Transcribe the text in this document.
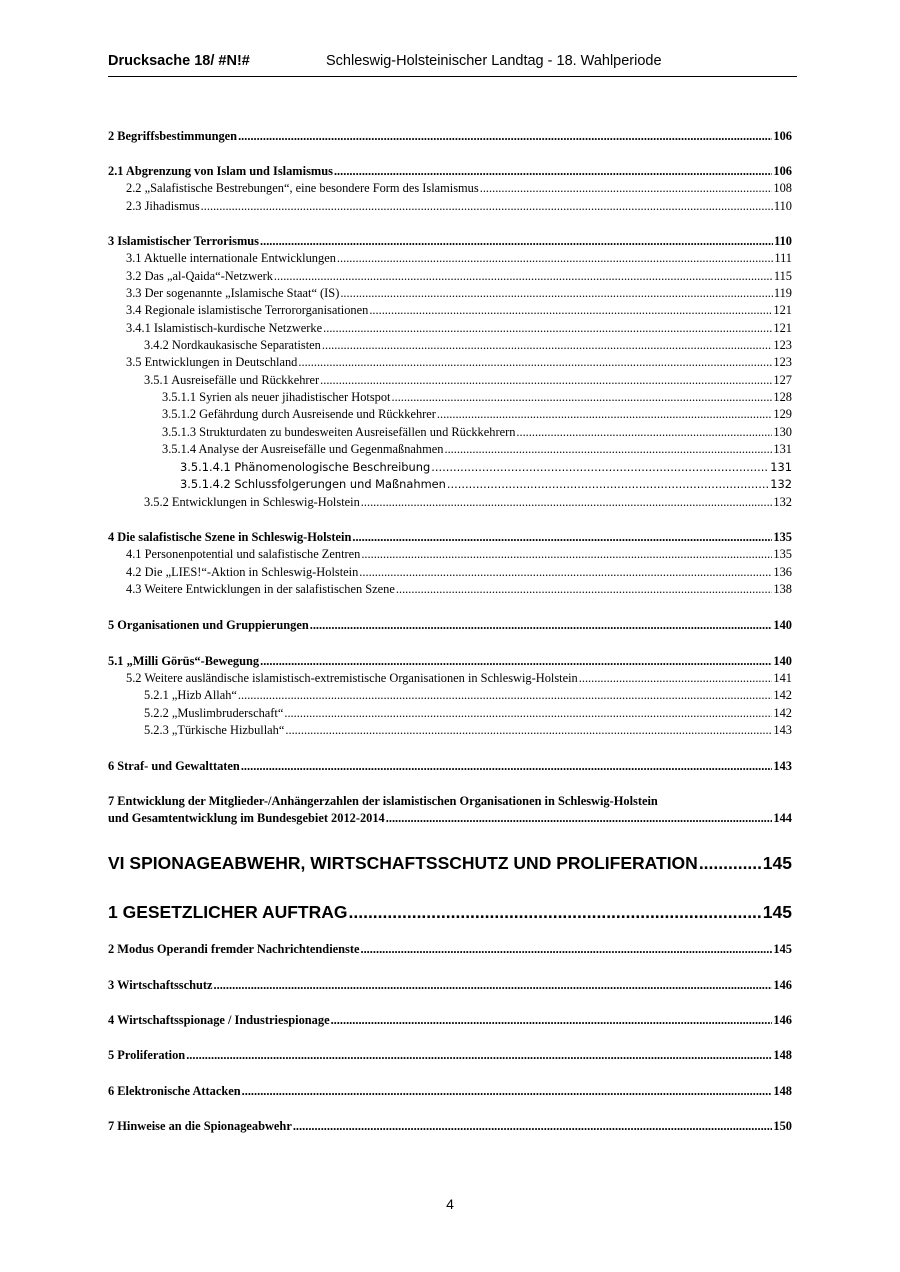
Drucksache 18/ #N!#	Schleswig-Holsteinischer Landtag - 18. Wahlperiode
2 Begriffsbestimmungen .....	106
2.1 Abgrenzung von Islam und Islamismus .....	106
2.2 „Salafistische Bestrebungen“, eine besondere Form des Islamismus .....	108
2.3 Jihadismus .....	110
3 Islamistischer Terrorismus .....	110
3.1 Aktuelle internationale Entwicklungen .....	111
3.2 Das „al-Qaida“-Netzwerk .....	115
3.3 Der sogenannte „Islamische Staat“ (IS) .....	119
3.4 Regionale islamistische Terrororganisationen .....	121
3.4.1 Islamistisch-kurdische Netzwerke .....	121
3.4.2 Nordkaukasische Separatisten .....	123
3.5 Entwicklungen in Deutschland .....	123
3.5.1 Ausreisefälle und Rückkehrer .....	127
3.5.1.1 Syrien als neuer jihadistischer Hotspot .....	128
3.5.1.2 Gefährdung durch Ausreisende und Rückkehrer .....	129
3.5.1.3 Strukturdaten zu bundesweiten Ausreisefällen und Rückkehrern .....	130
3.5.1.4 Analyse der Ausreisefälle und Gegenmaßnahmen .....	131
3.5.1.4.1 Phänomenologische Beschreibung .....	131
3.5.1.4.2 Schlussfolgerungen und Maßnahmen .....	132
3.5.2 Entwicklungen in Schleswig-Holstein .....	132
4 Die salafistische Szene in Schleswig-Holstein .....	135
4.1 Personenpotential und salafistische Zentren .....	135
4.2 Die „LIES!“-Aktion in Schleswig-Holstein .....	136
4.3 Weitere Entwicklungen in der salafistischen Szene .....	138
5 Organisationen und Gruppierungen .....	140
5.1 „Milli Görüs“-Bewegung .....	140
5.2 Weitere ausländische islamistisch-extremistische Organisationen in Schleswig-Holstein .....	141
5.2.1 „Hizb Allah“ .....	142
5.2.2 „Muslimbruderschaft“ .....	142
5.2.3 „Türkische Hizbullah“ .....	143
6 Straf- und Gewalttaten .....	143
7 Entwicklung der Mitglieder-/Anhängerzahlen der islamistischen Organisationen in Schleswig-Holstein
und Gesamtentwicklung im Bundesgebiet 2012-2014 .....	144
VI SPIONAGEABWEHR, WIRTSCHAFTSSCHUTZ UND PROLIFERATION .....	145
1 GESETZLICHER AUFTRAG .....	145
2 Modus Operandi fremder Nachrichtendienste .....	145
3 Wirtschaftsschutz .....	146
4 Wirtschaftsspionage / Industriespionage .....	146
5 Proliferation .....	148
6 Elektronische Attacken .....	148
7 Hinweise an die Spionageabwehr .....	150
4
